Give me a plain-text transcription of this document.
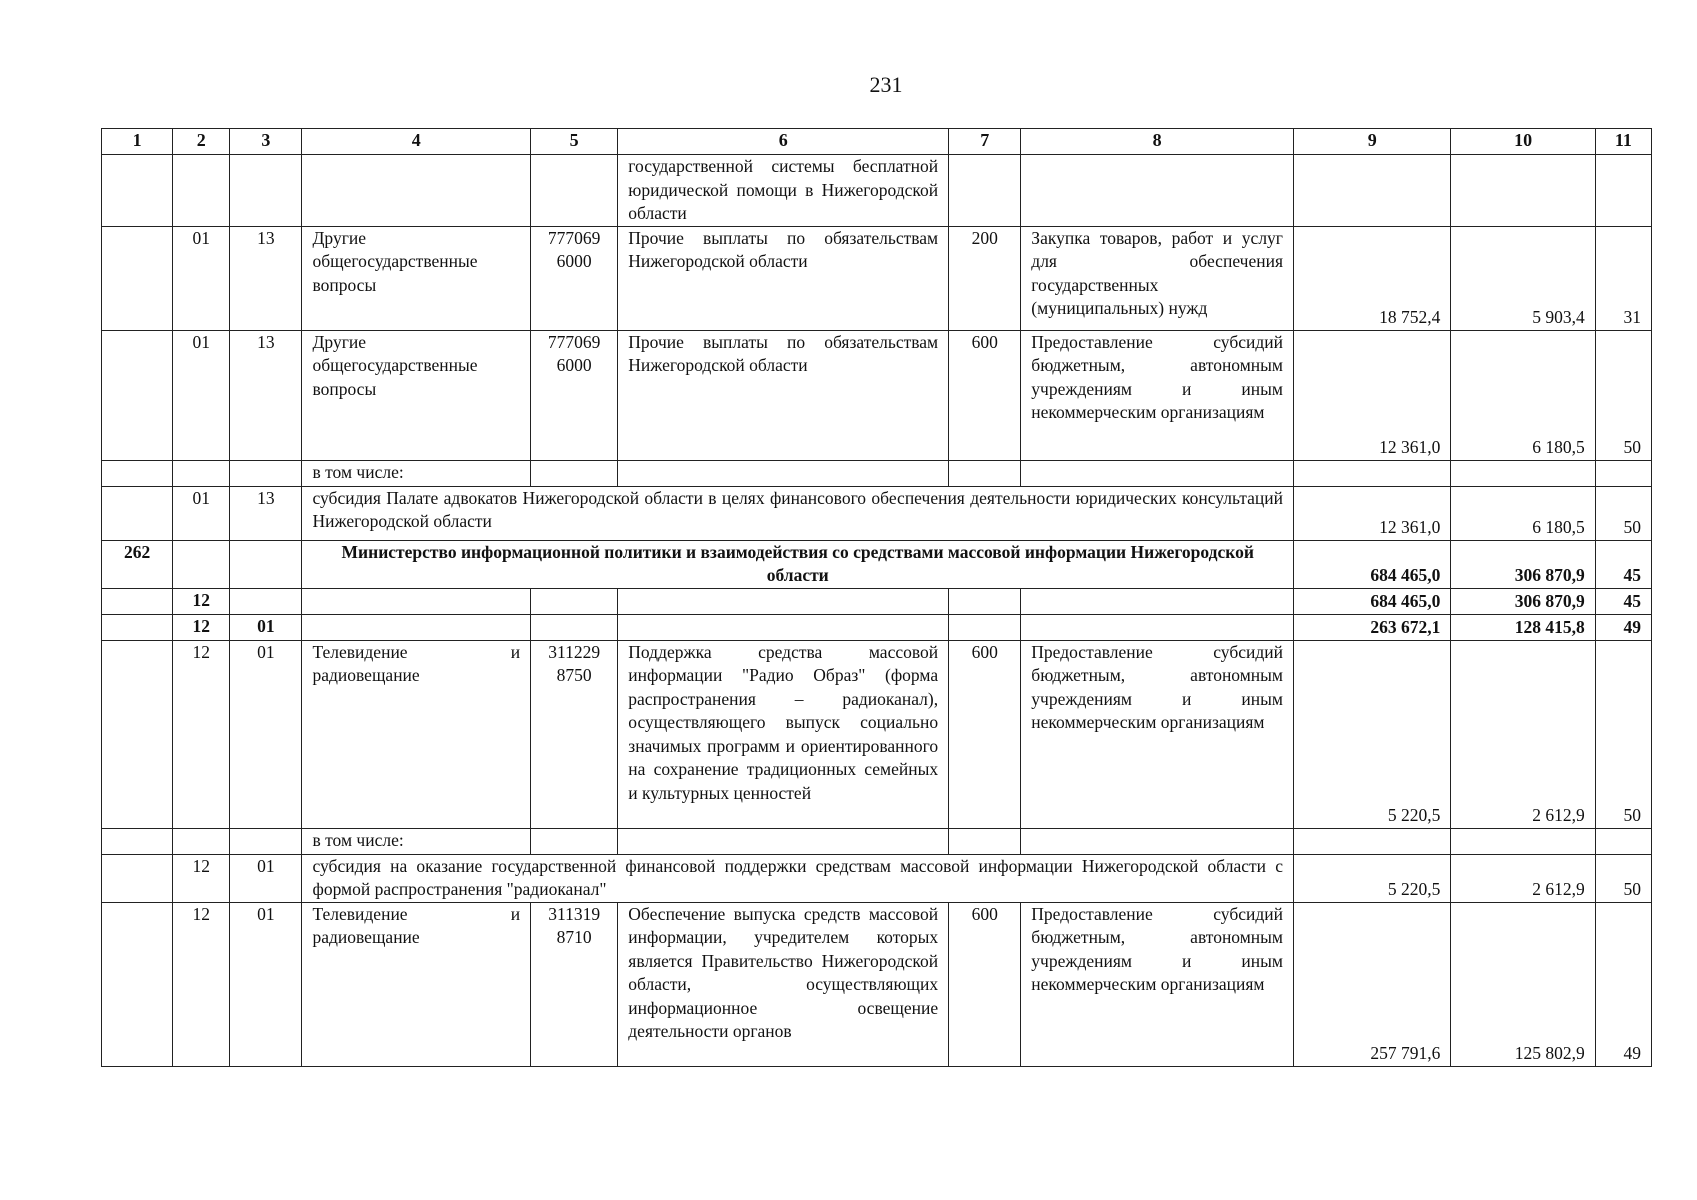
231
1	2	3	4	5	6	7	8	9	10	11
					государственной системы бесплатной юридической помощи в Нижегородской области					
	01	13	Другие общегосударственные вопросы	777069 6000	Прочие выплаты по обязательствам Нижегородской области	200	Закупка товаров, работ и услуг для обеспечения государственных (муниципальных) нужд	18 752,4	5 903,4	31
	01	13	Другие общегосударственные вопросы	777069 6000	Прочие выплаты по обязательствам Нижегородской области	600	Предоставление субсидий бюджетным, автономным учреждениям и иным некоммерческим организациям	12 361,0	6 180,5	50
			в том числе:							
	01	13	субсидия Палате адвокатов Нижегородской области в целях финансового обеспечения деятельности юридических консультаций Нижегородской области					12 361,0	6 180,5	50
262			Министерство информационной политики и взаимодействия со средствами массовой информации Нижегородской области					684 465,0	306 870,9	45
	12							684 465,0	306 870,9	45
	12	01						263 672,1	128 415,8	49
	12	01	Телевидение и радиовещание	311229 8750	Поддержка средства массовой информации "Радио Образ" (форма распространения – радиоканал), осуществляющего выпуск социально значимых программ и ориентированного на сохранение традиционных семейных и культурных ценностей	600	Предоставление субсидий бюджетным, автономным учреждениям и иным некоммерческим организациям	5 220,5	2 612,9	50
			в том числе:							
	12	01	субсидия на оказание государственной финансовой поддержки средствам массовой информации Нижегородской области с формой распространения "радиоканал"					5 220,5	2 612,9	50
	12	01	Телевидение и радиовещание	311319 8710	Обеспечение выпуска средств массовой информации, учредителем которых является Правительство Нижегородской области, осуществляющих информационное освещение деятельности органов	600	Предоставление субсидий бюджетным, автономным учреждениям и иным некоммерческим организациям	257 791,6	125 802,9	49
